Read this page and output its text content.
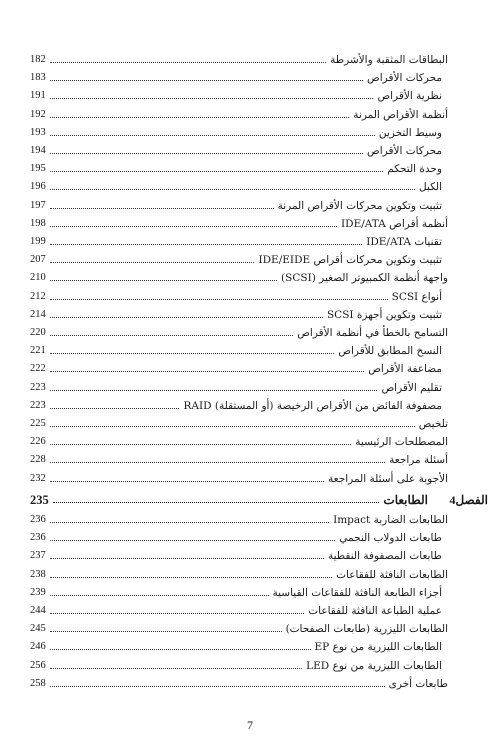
البطاقات المثقبة والأشرطة
182
محركات الأقراص
183
نظرية الأقراص
191
أنظمة الأقراص المرنة
192
وسيط التخزين
193
محركات الأقراص
194
وحدة التحكم
195
الكبل
196
تثبيت وتكوين محركات الأقراص المرنة
197
أنظمة أقراص IDE/ATA
198
تقنيات IDE/ATA
199
تثبيت وتكوين محركات أقراص IDE/EIDE
207
واجهة أنظمة الكمبيوتر الصغير (SCSI)
210
أنواع SCSI
212
تثبيت وتكوين أجهزة SCSI
214
التسامح بالخطأ في أنظمة الأقراص
220
النسخ المطابق للأقراص
221
مضاعفة الأقراص
222
تقليم الأقراص
223
مصفوفة الفائض من الأقراص الرخيصة (أو المستقلة) RAID
223
تلخيص
225
المصطلحات الرئيسية
226
أسئلة مراجعة
228
الأجوبة على أسئلة المراجعة
232
الفصل4
الطابعات
235
الطابعات الضاربة Impact
236
طابعات الدولاب النجمي
236
طابعات المصفوفة النقطية
237
الطابعات النافثة للفقاعات
238
أجزاء الطابعة النافثة للفقاعات القياسية
239
عملية الطباعة النافثة للفقاعات
244
الطابعات الليزرية (طابعات الصفحات)
245
الطابعات الليزرية من نوع EP
246
الطابعات الليزرية من نوع LED
256
طابعات أخرى
258
7
